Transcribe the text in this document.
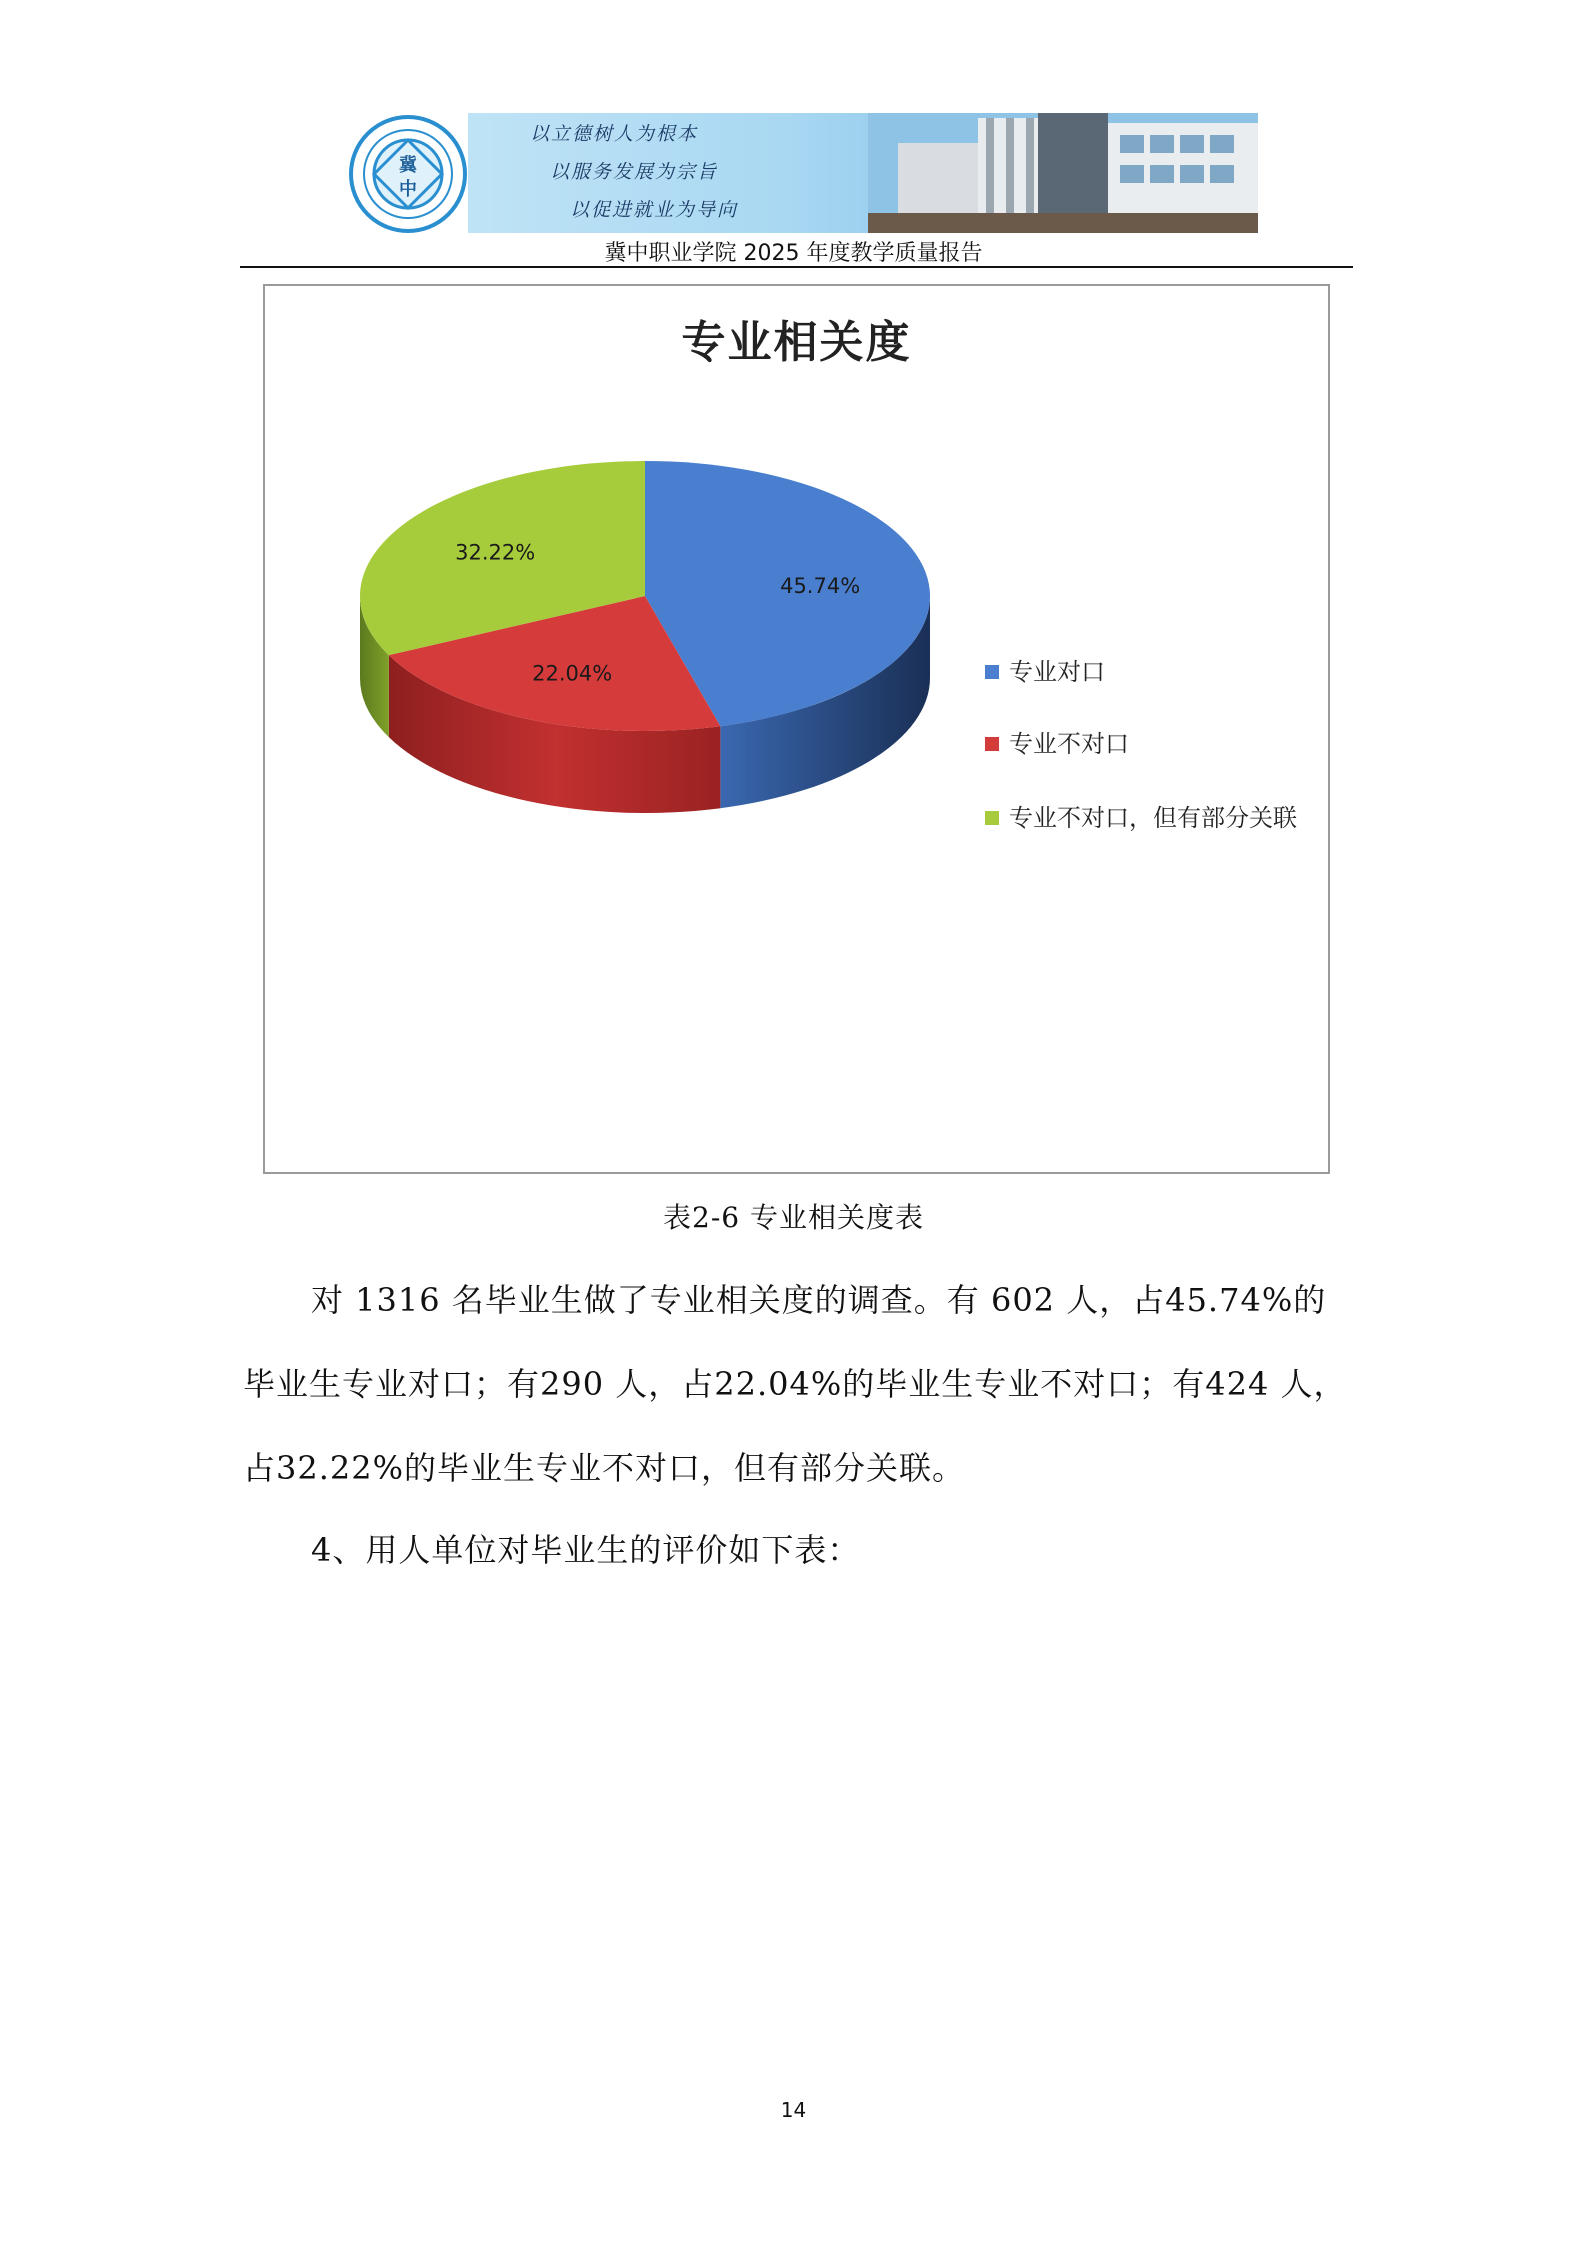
冀
中
以立德树人为根本
以服务发展为宗旨
以促进就业为导向
冀中职业学院 2025 年度教学质量报告
专业相关度
45.74%
22.04%
32.22%
专业对口
专业不对口
专业不对口，但有部分关联
表2-6 专业相关度表
对 1316 名毕业生做了专业相关度的调查。有 602 人，占45.74%的毕业生专业对口；有290 人，占22.04%的毕业生专业不对口；有424 人，占32.22%的毕业生专业不对口，但有部分关联。
4、用人单位对毕业生的评价如下表：
14
